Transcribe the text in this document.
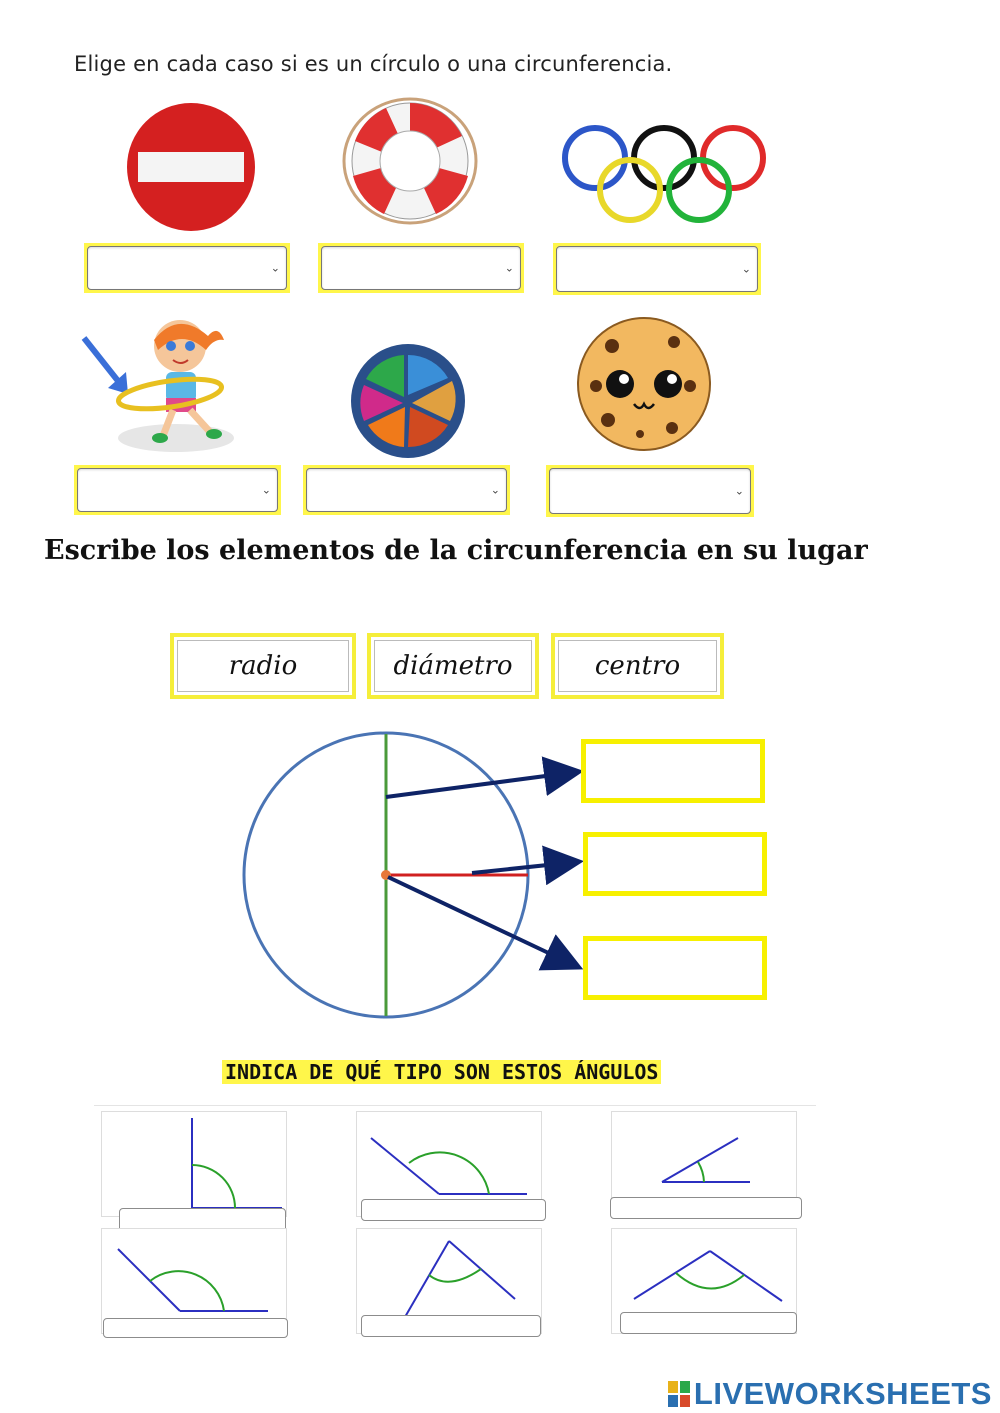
Elige en cada caso si es un círculo o una circunferencia.
⌄	⌄	⌄
⌄	⌄	⌄
Escribe los elementos de la circunferencia en su lugar
radio	diámetro	centro
INDICA DE QUÉ TIPO SON ESTOS ÁNGULOS
LIVEWORKSHEETS
